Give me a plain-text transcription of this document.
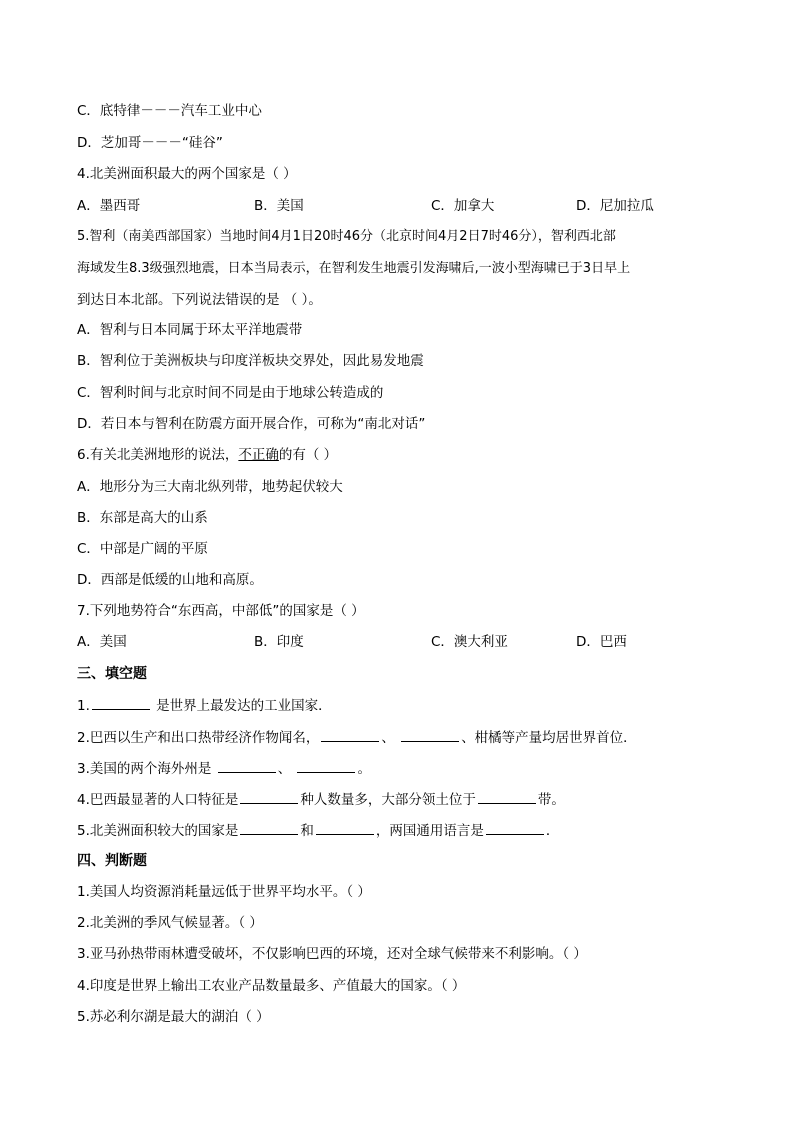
C．底特律－－－汽车工业中心
D．芝加哥－－－“硅谷”
4.北美洲面积最大的两个国家是（ ）
A．墨西哥	B．美国	C．加拿大	D．尼加拉瓜
5.智利（南美西部国家）当地时间4月1日20时46分（北京时间4月2日7时46分），智利西北部
海域发生8.3级强烈地震，日本当局表示，在智利发生地震引发海啸后,一波小型海啸已于3日早上
到达日本北部。下列说法错误的是 （ ）。
A．智利与日本同属于环太平洋地震带
B．智利位于美洲板块与印度洋板块交界处，因此易发地震
C．智利时间与北京时间不同是由于地球公转造成的
D．若日本与智利在防震方面开展合作，可称为“南北对话”
6.有关北美洲地形的说法，不正确的有（ ）
A．地形分为三大南北纵列带，地势起伏较大
B．东部是高大的山系
C．中部是广阔的平原
D．西部是低缓的山地和高原。
7.下列地势符合“东西高，中部低”的国家是（ ）
A．美国	B．印度	C．澳大利亚	D．巴西
三、填空题
1.	是世界上最发达的工业国家．
2.巴西以生产和出口热带经济作物闻名，	、	、柑橘等产量均居世界首位．
3.美国的两个海外州是	、	。
4.巴西最显著的人口特征是	种人数量多，大部分领土位于	带。
5.北美洲面积较大的国家是	和	，两国通用语言是	．
四、判断题
1.美国人均资源消耗量远低于世界平均水平。（ ）
2.北美洲的季风气候显著。（ ）
3.亚马孙热带雨林遭受破坏，不仅影响巴西的环境，还对全球气候带来不利影响。（ ）
4.印度是世界上输出工农业产品数量最多、产值最大的国家。（ ）
5.苏必利尔湖是最大的湖泊（ ）
